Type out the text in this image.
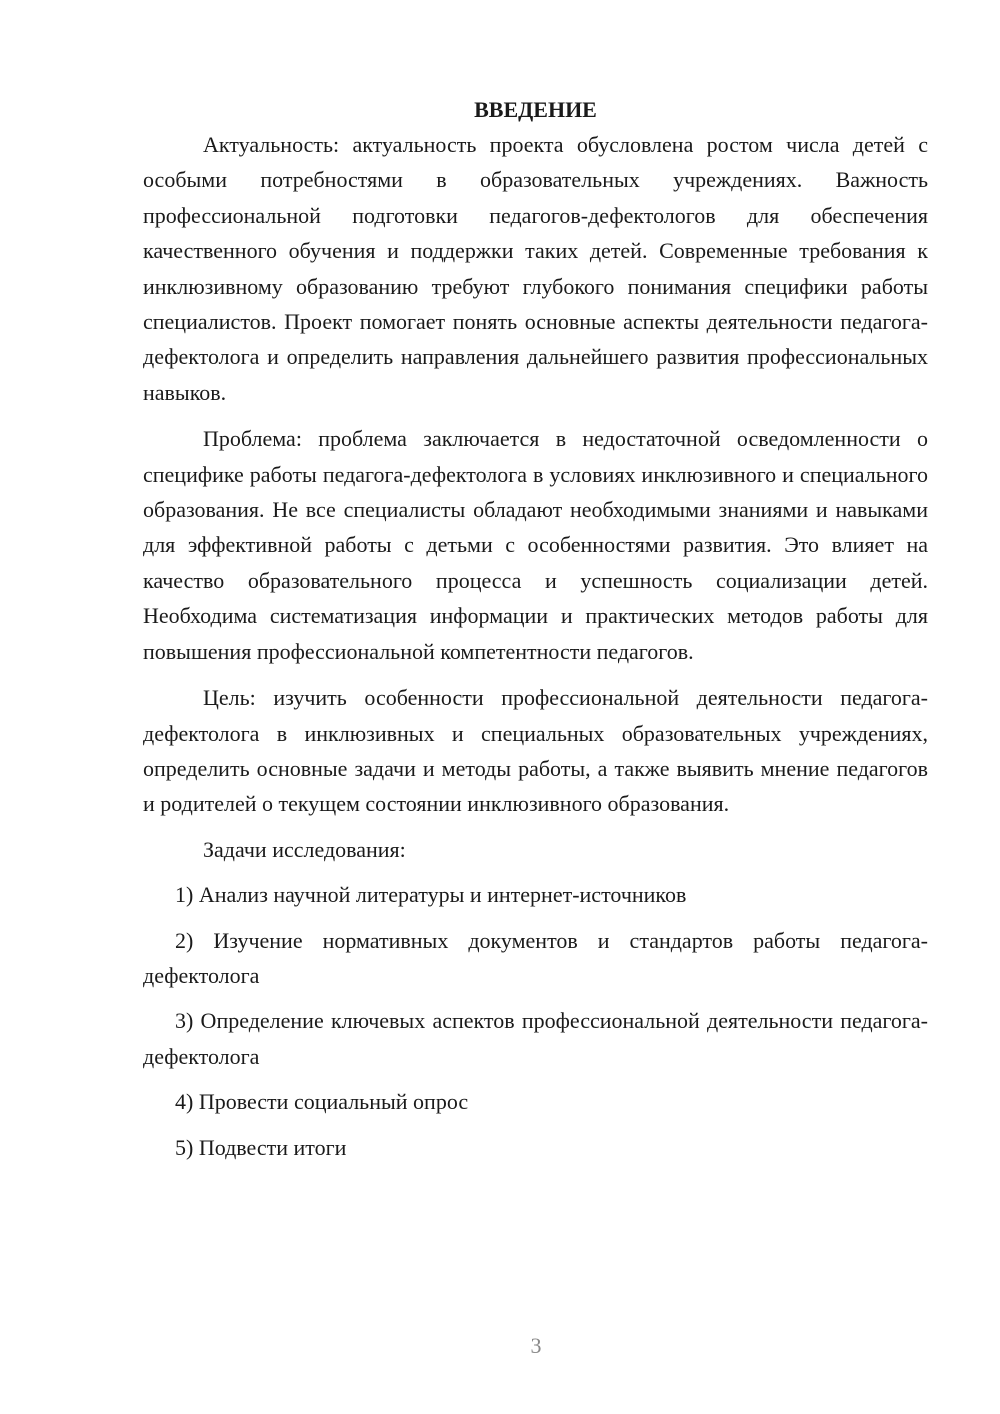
ВВЕДЕНИЕ

Актуальность: актуальность проекта обусловлена ростом числа детей с особыми потребностями в образовательных учреждениях. Важность профессиональной подготовки педагогов-дефектологов для обеспечения качественного обучения и поддержки таких детей. Современные требования к инклюзивному образованию требуют глубокого понимания специфики работы специалистов. Проект помогает понять основные аспекты деятельности педагога-дефектолога и определить направления дальнейшего развития профессиональных навыков.

Проблема: проблема заключается в недостаточной осведомленности о специфике работы педагога-дефектолога в условиях инклюзивного и специального образования. Не все специалисты обладают необходимыми знаниями и навыками для эффективной работы с детьми с особенностями развития. Это влияет на качество образовательного процесса и успешность социализации детей. Необходима систематизация информации и практических методов работы для повышения профессиональной компетентности педагогов.

Цель: изучить особенности профессиональной деятельности педагога-дефектолога в инклюзивных и специальных образовательных учреждениях, определить основные задачи и методы работы, а также выявить мнение педагогов и родителей о текущем состоянии инклюзивного образования.

Задачи исследования:

1) Анализ научной литературы и интернет-источников

2) Изучение нормативных документов и стандартов работы педагога-дефектолога

3) Определение ключевых аспектов профессиональной деятельности педагога-дефектолога

4) Провести социальный опрос

5) Подвести итоги

3
